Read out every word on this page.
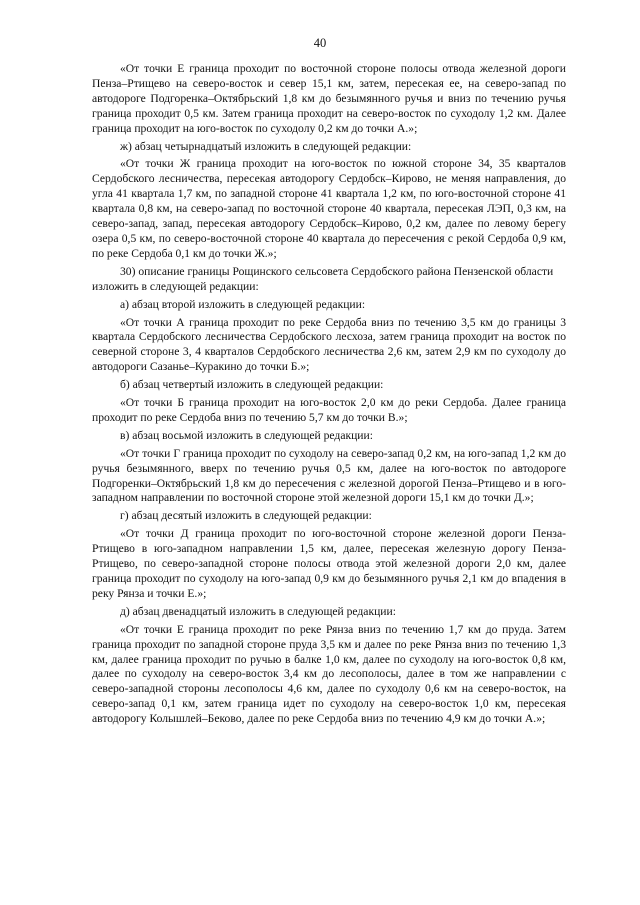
40

«От точки Е граница проходит по восточной стороне полосы отвода железной дороги Пенза–Ртищево на северо-восток и север 15,1 км, затем, пересекая ее, на северо-запад по автодороге Подгоренка–Октябрьский 1,8 км до безымянного ручья и вниз по течению ручья граница проходит 0,5 км. Затем граница проходит на северо-восток по суходолу 1,2 км. Далее граница проходит на юго-восток по суходолу 0,2 км до точки А.»;

ж) абзац четырнадцатый изложить в следующей редакции:

«От точки Ж граница проходит на юго-восток по южной стороне 34, 35 кварталов Сердобского лесничества, пересекая автодорогу Сердобск–Кирово, не меняя направления, до угла 41 квартала 1,7 км, по западной стороне 41 квартала 1,2 км, по юго-восточной стороне 41 квартала 0,8 км, на северо-запад по восточной стороне 40 квартала, пересекая ЛЭП, 0,3 км, на северо-запад, запад, пересекая автодорогу Сердобск–Кирово, 0,2 км, далее по левому берегу озера 0,5 км, по северо-восточной стороне 40 квартала до пересечения с рекой Сердоба 0,9 км, по реке Сердоба 0,1 км до точки Ж.»;

30) описание границы Рощинского сельсовета Сердобского района Пензенской области изложить в следующей редакции:

а) абзац второй изложить в следующей редакции:

«От точки А граница проходит по реке Сердоба вниз по течению 3,5 км до границы 3 квартала Сердобского лесничества Сердобского лесхоза, затем граница проходит на восток по северной стороне 3, 4 кварталов Сердобского лесничества 2,6 км, затем 2,9 км по суходолу до автодороги Сазанье–Куракино до точки Б.»;

б) абзац четвертый изложить в следующей редакции:

«От точки Б граница проходит на юго-восток 2,0 км до реки Сердоба. Далее граница проходит по реке Сердоба вниз по течению 5,7 км до точки В.»;

в) абзац восьмой изложить в следующей редакции:

«От точки Г граница проходит по суходолу на северо-запад 0,2 км, на юго-запад 1,2 км до ручья безымянного, вверх по течению ручья 0,5 км, далее на юго-восток по автодороге Подгоренки–Октябрьский 1,8 км до пересечения с железной дорогой Пенза–Ртищево и в юго-западном направлении по восточной стороне этой железной дороги 15,1 км до точки Д.»;

г) абзац десятый изложить в следующей редакции:

«От точки Д граница проходит по юго-восточной стороне железной дороги Пенза-Ртищево в юго-западном направлении 1,5 км, далее, пересекая железную дорогу Пенза-Ртищево, по северо-западной стороне полосы отвода этой железной дороги 2,0 км, далее граница проходит по суходолу на юго-запад 0,9 км до безымянного ручья 2,1 км до впадения в реку Рянза и точки Е.»;

д) абзац двенадцатый изложить в следующей редакции:

«От точки Е граница проходит по реке Рянза вниз по течению 1,7 км до пруда. Затем граница проходит по западной стороне пруда 3,5 км и далее по реке Рянза вниз по течению 1,3 км, далее граница проходит по ручью в балке 1,0 км, далее по суходолу на юго-восток 0,8 км, далее по суходолу на северо-восток 3,4 км до лесополосы, далее в том же направлении с северо-западной стороны лесополосы 4,6 км, далее по суходолу 0,6 км на северо-восток, на северо-запад 0,1 км, затем граница идет по суходолу на северо-восток 1,0 км, пересекая автодорогу Колышлей–Беково, далее по реке Сердоба вниз по течению 4,9 км до точки А.»;
